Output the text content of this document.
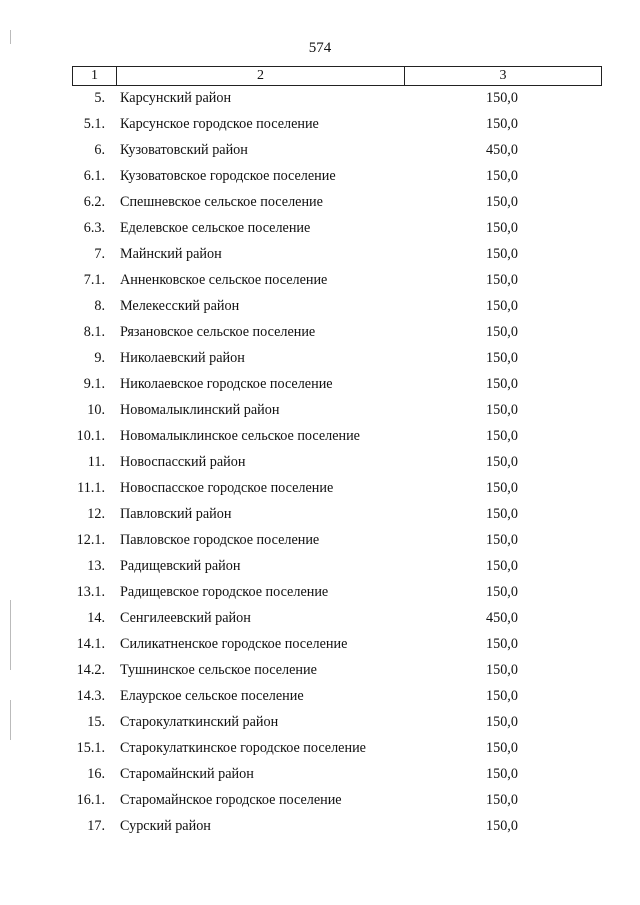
574
1	2	3
5. Карсунский район	150,0
5.1. Карсунское городское поселение	150,0
6. Кузоватовский район	450,0
6.1. Кузоватовское городское поселение	150,0
6.2. Спешневское сельское поселение	150,0
6.3. Еделевское сельское поселение	150,0
7. Майнский район	150,0
7.1. Анненковское сельское поселение	150,0
8. Мелекесский район	150,0
8.1. Рязановское сельское поселение	150,0
9. Николаевский район	150,0
9.1. Николаевское городское поселение	150,0
10. Новомалыклинский район	150,0
10.1. Новомалыклинское сельское поселение	150,0
11. Новоспасский район	150,0
11.1. Новоспасское городское поселение	150,0
12. Павловский район	150,0
12.1. Павловское городское поселение	150,0
13. Радищевский район	150,0
13.1. Радищевское городское поселение	150,0
14. Сенгилеевский район	450,0
14.1. Силикатненское городское поселение	150,0
14.2. Тушнинское сельское поселение	150,0
14.3. Елаурское сельское поселение	150,0
15. Старокулаткинский район	150,0
15.1. Старокулаткинское городское поселение	150,0
16. Старомайнский район	150,0
16.1. Старомайнское городское поселение	150,0
17. Сурский район	150,0
